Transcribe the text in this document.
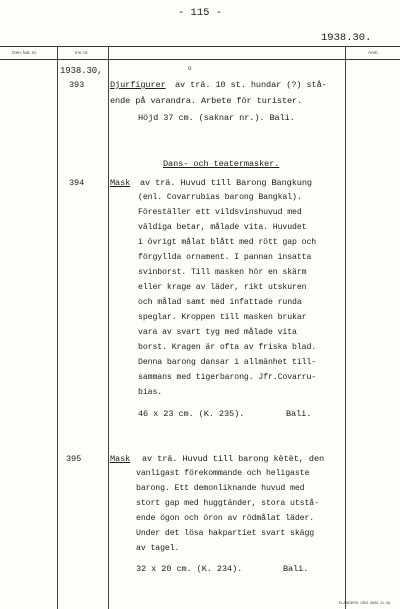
- 115 -
1938.30.
Gen. kat. nr.	Inv. nr.	Anm.
1938.30,	o
393	Djurfigurer av trä. 10 st. hundar (?) stå-
ende på varandra. Arbete för turister.
Höjd 37 cm. (saknar nr.). Bali.
Dans- och teatermasker.
394	Mask av trä. Huvud till Barong Bangkung
(enl. Covarrubias barong Bangkal).
Föreställer ett vildsvinshuvud med
väldiga betar, målade vita. Huvudet
i övrigt målat blått med rött gap och
förgyllda ornament. I pannan insatta
svinborst. Till masken hör en skärm
eller krage av läder, rikt utskuren
och målad samt med infattade runda
speglar. Kroppen till masken brukar
vara av svart tyg med målade vita
borst. Kragen är ofta av friska blad.
Denna barong dansar i allmänhet till-
sammans med tigerbarong. Jfr.Covarru-
bias.
46 x 23 cm. (K. 235).	Bali.
395	Mask av trä. Huvud till barong kètèt, den
vanligast förekommande och heligaste
barong. Ett demonliknande huvud med
stort gap med huggtänder, stora utstå-
ende ögon och öron av rödmålat läder.
Under det lösa hakpartiet svart skägg
av tagel.
32 x 20 cm. (K. 234).	Bali.
ELANDERS. GBG. 9840. 11. 45.
